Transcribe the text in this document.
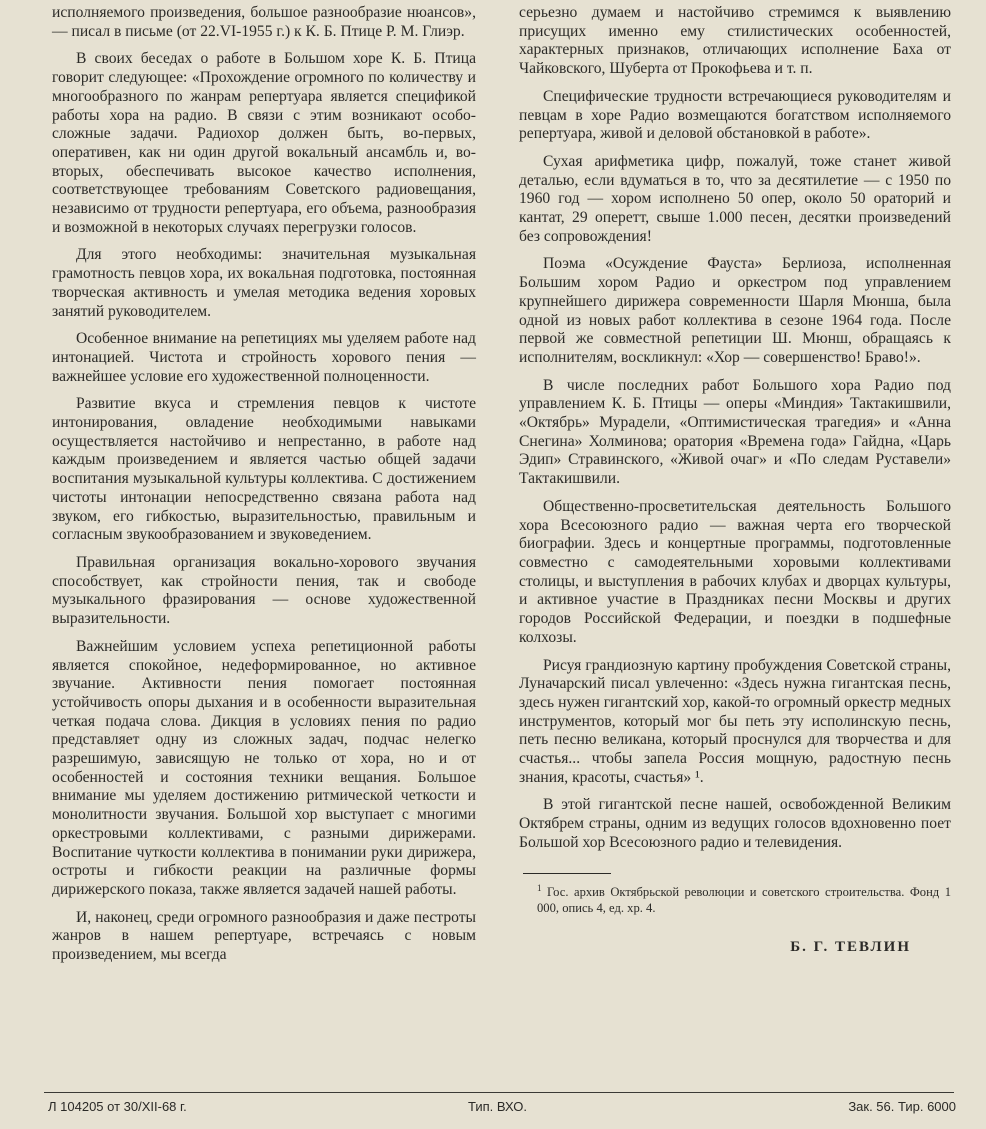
исполняемого произведения, большое разнообразие нюансов», — писал в письме (от 22.VI-1955 г.) к К. Б. Птице Р. М. Глиэр.

В своих беседах о работе в Большом хоре К. Б. Птица говорит следующее: «Прохождение огромного по количеству и многообразного по жанрам репертуара является спецификой работы хора на радио. В связи с этим возникают особо-сложные задачи. Радиохор должен быть, во-первых, оперативен, как ни один другой вокальный ансамбль и, во-вторых, обеспечивать высокое качество исполнения, соответствующее требованиям Советского радиовещания, независимо от трудности репертуара, его объема, разнообразия и возможной в некоторых случаях перегрузки голосов.

Для этого необходимы: значительная музыкальная грамотность певцов хора, их вокальная подготовка, постоянная творческая активность и умелая методика ведения хоровых занятий руководителем.

Особенное внимание на репетициях мы уделяем работе над интонацией. Чистота и стройность хорового пения — важнейшее условие его художественной полноценности.

Развитие вкуса и стремления певцов к чистоте интонирования, овладение необходимыми навыками осуществляется настойчиво и непрестанно, в работе над каждым произведением и является частью общей задачи воспитания музыкальной культуры коллектива. С достижением чистоты интонации непосредственно связана работа над звуком, его гибкостью, выразительностью, правильным и согласным звукообразованием и звуковедением.

Правильная организация вокально-хорового звучания способствует, как стройности пения, так и свободе музыкального фразирования — основе художественной выразительности.

Важнейшим условием успеха репетиционной работы является спокойное, недеформированное, но активное звучание. Активности пения помогает постоянная устойчивость опоры дыхания и в особенности выразительная четкая подача слова. Дикция в условиях пения по радио представляет одну из сложных задач, подчас нелегко разрешимую, зависящую не только от хора, но и от особенностей и состояния техники вещания. Большое внимание мы уделяем достижению ритмической четкости и монолитности звучания. Большой хор выступает с многими оркестровыми коллективами, с разными дирижерами. Воспитание чуткости коллектива в понимании руки дирижера, остроты и гибкости реакции на различные формы дирижерского показа, также является задачей нашей работы.

И, наконец, среди огромного разнообразия и даже пестроты жанров в нашем репертуаре, встречаясь с новым произведением, мы всегда

серьезно думаем и настойчиво стремимся к выявлению присущих именно ему стилистических особенностей, характерных признаков, отличающих исполнение Баха от Чайковского, Шуберта от Прокофьева и т. п.

Специфические трудности встречающиеся руководителям и певцам в хоре Радио возмещаются богатством исполняемого репертуара, живой и деловой обстановкой в работе».

Сухая арифметика цифр, пожалуй, тоже станет живой деталью, если вдуматься в то, что за десятилетие — с 1950 по 1960 год — хором исполнено 50 опер, около 50 ораторий и кантат, 29 оперетт, свыше 1.000 песен, десятки произведений без сопровождения!

Поэма «Осуждение Фауста» Берлиоза, исполненная Большим хором Радио и оркестром под управлением крупнейшего дирижера современности Шарля Мюнша, была одной из новых работ коллектива в сезоне 1964 года. После первой же совместной репетиции Ш. Мюнш, обращаясь к исполнителям, воскликнул: «Хор — совершенство! Браво!».

В числе последних работ Большого хора Радио под управлением К. Б. Птицы — оперы «Миндия» Тактакишвили, «Октябрь» Мурадели, «Оптимистическая трагедия» и «Анна Снегина» Холминова; оратория «Времена года» Гайдна, «Царь Эдип» Стравинского, «Живой очаг» и «По следам Руставели» Тактакишвили.

Общественно-просветительская деятельность Большого хора Всесоюзного радио — важная черта его творческой биографии. Здесь и концертные программы, подготовленные совместно с самодеятельными хоровыми коллективами столицы, и выступления в рабочих клубах и дворцах культуры, и активное участие в Праздниках песни Москвы и других городов Российской Федерации, и поездки в подшефные колхозы.

Рисуя грандиозную картину пробуждения Советской страны, Луначарский писал увлеченно: «Здесь нужна гигантская песнь, здесь нужен гигантский хор, какой-то огромный оркестр медных инструментов, который мог бы петь эту исполинскую песнь, петь песню великана, который проснулся для творчества и для счастья... чтобы запела Россия мощную, радостную песнь знания, красоты, счастья» ¹.

В этой гигантской песне нашей, освобожденной Великим Октябрем страны, одним из ведущих голосов вдохновенно поет Большой хор Всесоюзного радио и телевидения.

$^1$ Гос. архив Октябрьской революции и советского строительства. Фонд 1 000, опись 4, ед. хр. 4.
Б. Г. ТЕВЛИН
Л 104205 от 30/XII-68 г.	Тип. ВХО.	Зак. 56. Тир. 6000
